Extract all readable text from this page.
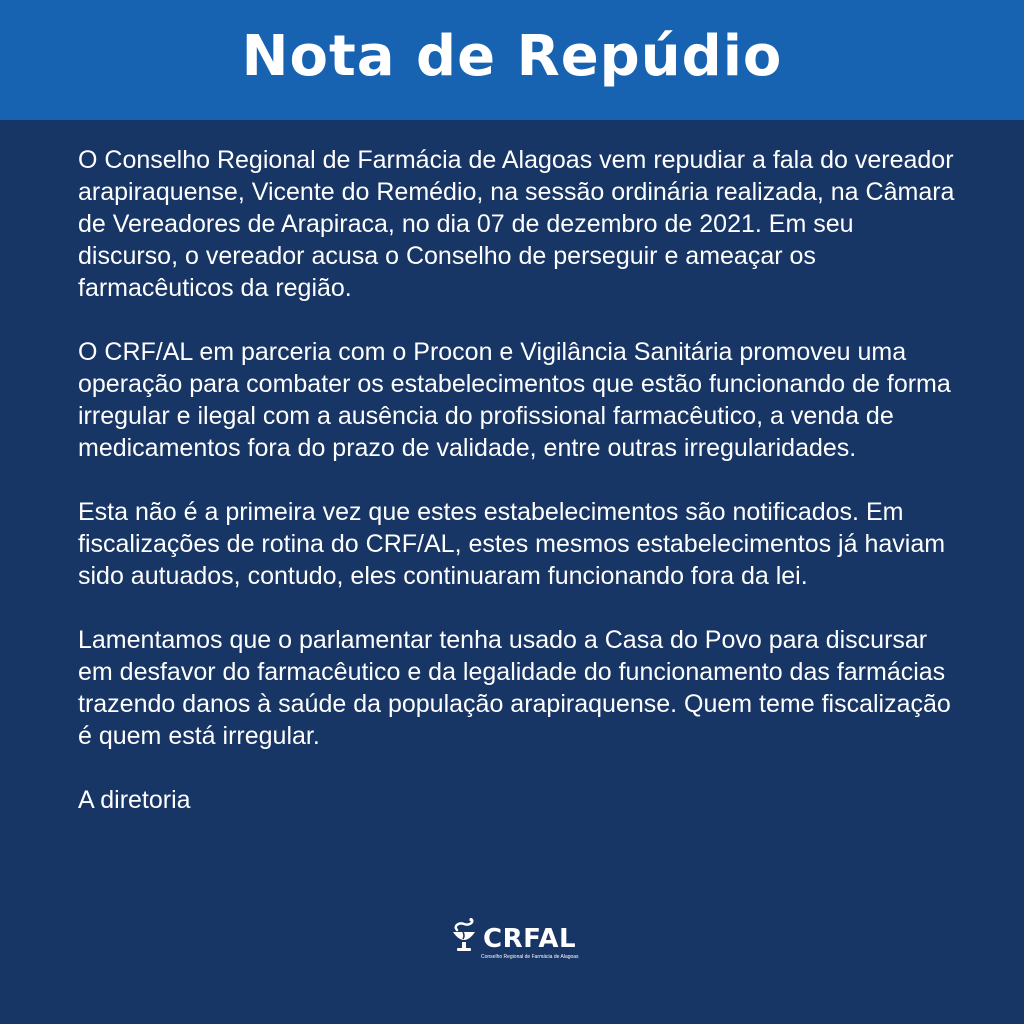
Nota de Repúdio

O Conselho Regional de Farmácia de Alagoas vem repudiar a fala do vereador arapiraquense, Vicente do Remédio, na sessão ordinária realizada, na Câmara de Vereadores de Arapiraca, no dia 07 de dezembro de 2021. Em seu discurso, o vereador acusa o Conselho de perseguir e ameaçar os farmacêuticos da região.

O CRF/AL em parceria com o Procon e Vigilância Sanitária promoveu uma operação para combater os estabelecimentos que estão funcionando de forma irregular e ilegal com a ausência do profissional farmacêutico, a venda de medicamentos fora do prazo de validade, entre outras irregularidades.

Esta não é a primeira vez que estes estabelecimentos são notificados. Em fiscalizações de rotina do CRF/AL, estes mesmos estabelecimentos já haviam sido autuados, contudo, eles continuaram funcionando fora da lei.

Lamentamos que o parlamentar tenha usado a Casa do Povo para discursar em desfavor do farmacêutico e da legalidade do funcionamento das farmácias trazendo danos à saúde da população arapiraquense. Quem teme fiscalização é quem está irregular.

A diretoria

CRFAL
Conselho Regional de Farmácia de Alagoas
